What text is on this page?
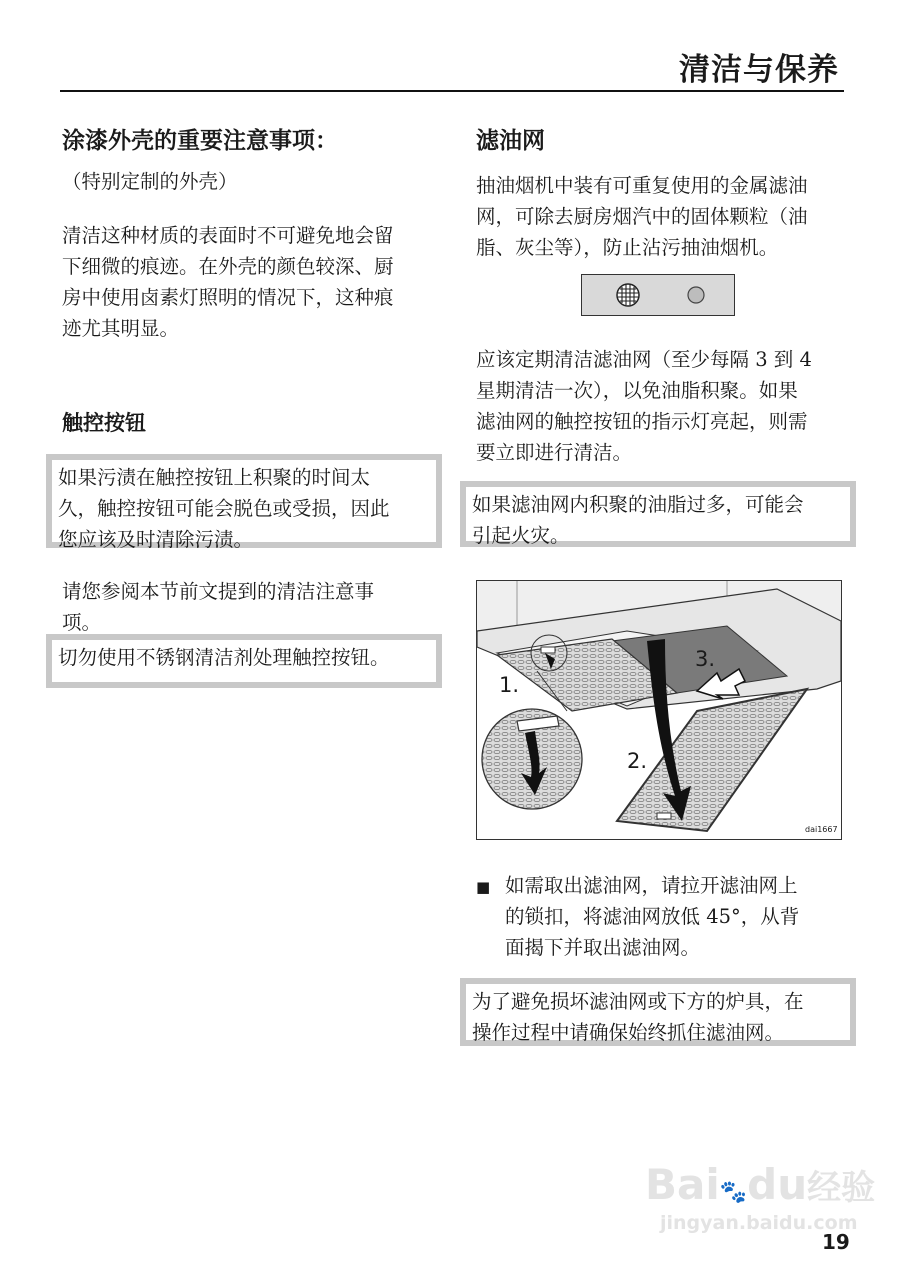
清洁与保养
涂漆外壳的重要注意事项：
（特别定制的外壳）
清洁这种材质的表面时不可避免地会留
下细微的痕迹。在外壳的颜色较深、厨
房中使用卤素灯照明的情况下，这种痕
迹尤其明显。
触控按钮
如果污渍在触控按钮上积聚的时间太
久，触控按钮可能会脱色或受损，因此
您应该及时清除污渍。
请您参阅本节前文提到的清洁注意事
项。
切勿使用不锈钢清洁剂处理触控按钮。
滤油网
抽油烟机中装有可重复使用的金属滤油
网，可除去厨房烟汽中的固体颗粒（油
脂、灰尘等），防止沾污抽油烟机。
应该定期清洁滤油网（至少每隔 3 到 4
星期清洁一次），以免油脂积聚。如果
滤油网的触控按钮的指示灯亮起，则需
要立即进行清洁。
如果滤油网内积聚的油脂过多，可能会
引起火灾。
1.
2.
3.
dai1667
■ 如需取出滤油网，请拉开滤油网上
的锁扣，将滤油网放低 45°，从背
面揭下并取出滤油网。
为了避免损坏滤油网或下方的炉具，在
操作过程中请确保始终抓住滤油网。
Bai🐾du经验
jingyan.baidu.com
19
